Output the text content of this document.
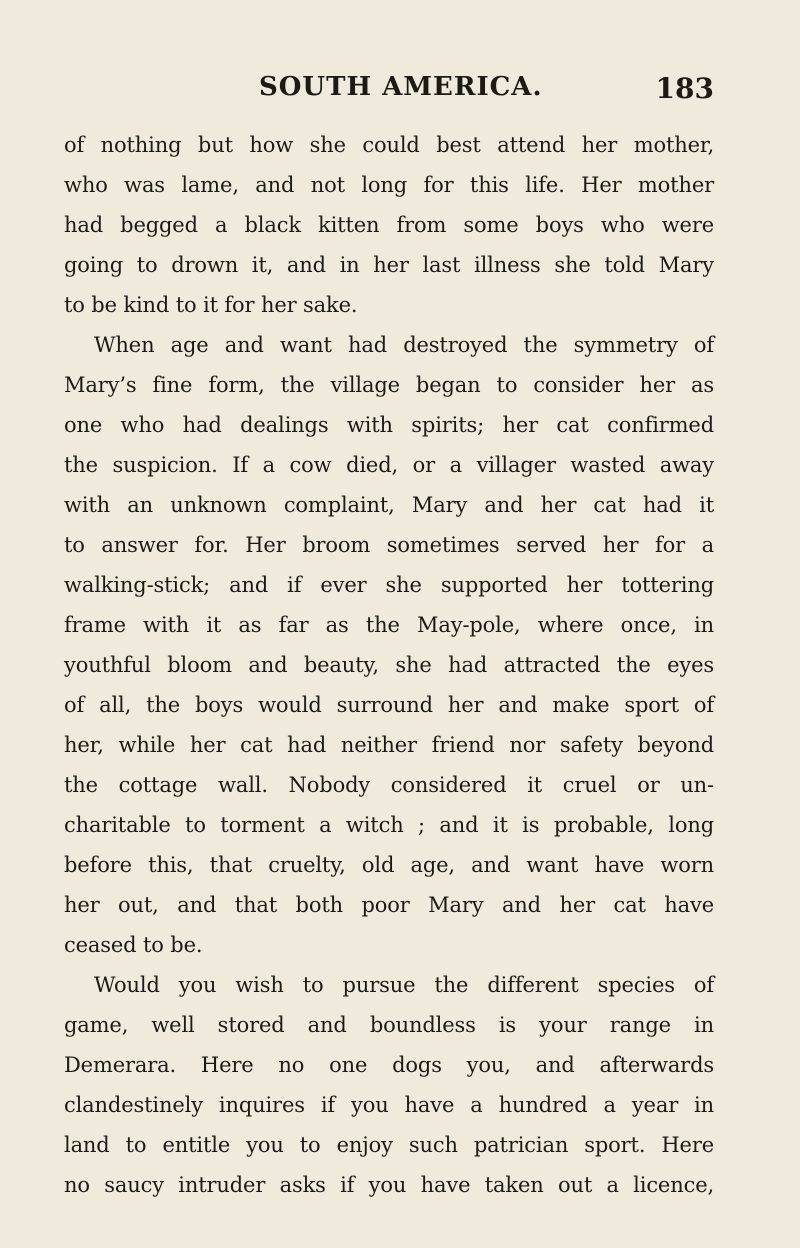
SOUTH AMERICA.	183
of nothing but how she could best attend her mother,
who was lame, and not long for this life. Her mother
had begged a black kitten from some boys who were
going to drown it, and in her last illness she told Mary
to be kind to it for her sake.
When age and want had destroyed the symmetry of
Mary’s fine form, the village began to consider her as
one who had dealings with spirits; her cat confirmed
the suspicion. If a cow died, or a villager wasted away
with an unknown complaint, Mary and her cat had it
to answer for. Her broom sometimes served her for a
walking-stick; and if ever she supported her tottering
frame with it as far as the May-pole, where once, in
youthful bloom and beauty, she had attracted the eyes
of all, the boys would surround her and make sport of
her, while her cat had neither friend nor safety beyond
the cottage wall. Nobody considered it cruel or un-
charitable to torment a witch ; and it is probable, long
before this, that cruelty, old age, and want have worn
her out, and that both poor Mary and her cat have
ceased to be.
Would you wish to pursue the different species of
game, well stored and boundless is your range in
Demerara. Here no one dogs you, and afterwards
clandestinely inquires if you have a hundred a year in
land to entitle you to enjoy such patrician sport. Here
no saucy intruder asks if you have taken out a licence,
